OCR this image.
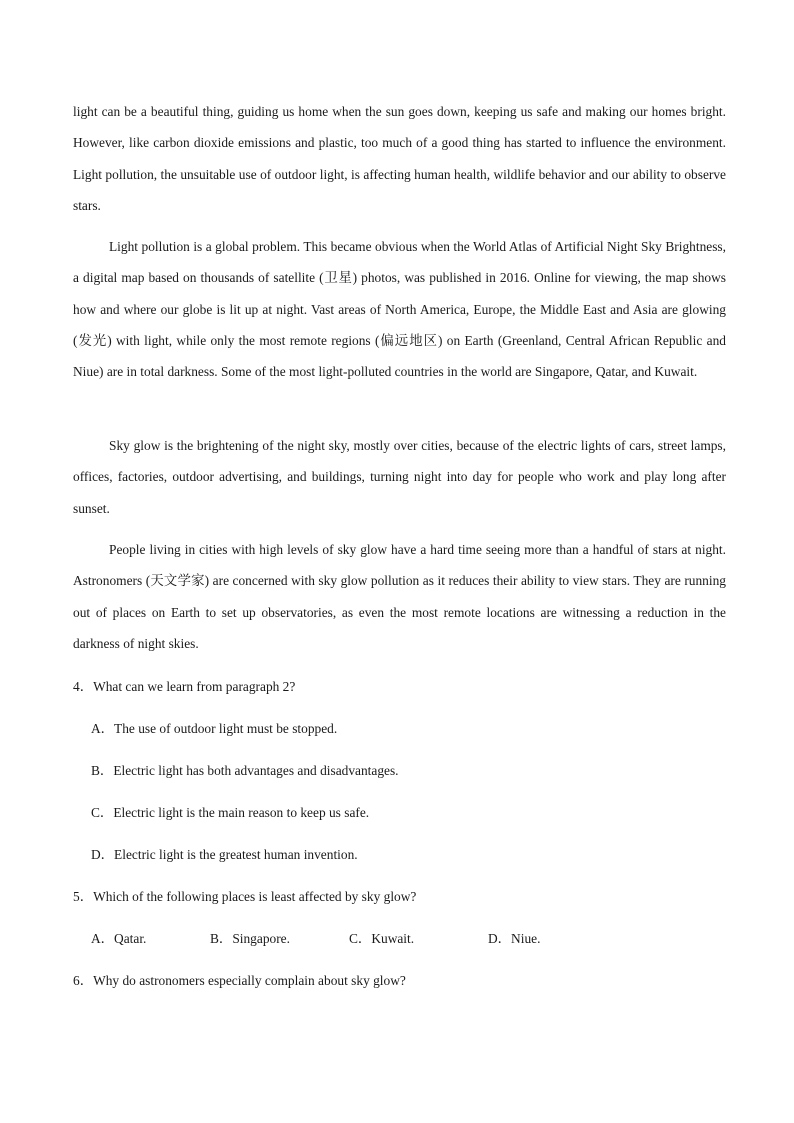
light can be a beautiful thing, guiding us home when the sun goes down, keeping us safe and making our homes bright. However, like carbon dioxide emissions and plastic, too much of a good thing has started to influence the environment. Light pollution, the unsuitable use of outdoor light, is affecting human health, wildlife behavior and our ability to observe stars.

Light pollution is a global problem. This became obvious when the World Atlas of Artificial Night Sky Brightness, a digital map based on thousands of satellite (卫星) photos, was published in 2016. Online for viewing, the map shows how and where our globe is lit up at night. Vast areas of North America, Europe, the Middle East and Asia are glowing (发光) with light, while only the most remote regions (偏远地区) on Earth (Greenland, Central African Republic and Niue) are in total darkness. Some of the most light-polluted countries in the world are Singapore, Qatar, and Kuwait.

Sky glow is the brightening of the night sky, mostly over cities, because of the electric lights of cars, street lamps, offices, factories, outdoor advertising, and buildings, turning night into day for people who work and play long after sunset.

People living in cities with high levels of sky glow have a hard time seeing more than a handful of stars at night. Astronomers (天文学家) are concerned with sky glow pollution as it reduces their ability to view stars. They are running out of places on Earth to set up observatories, as even the most remote locations are witnessing a reduction in the darkness of night skies.

4．What can we learn from paragraph 2?

A．The use of outdoor light must be stopped.

B．Electric light has both advantages and disadvantages.

C．Electric light is the main reason to keep us safe.

D．Electric light is the greatest human invention.

5．Which of the following places is least affected by sky glow?

A．Qatar.	B．Singapore.	C．Kuwait.	D．Niue.

6．Why do astronomers especially complain about sky glow?
